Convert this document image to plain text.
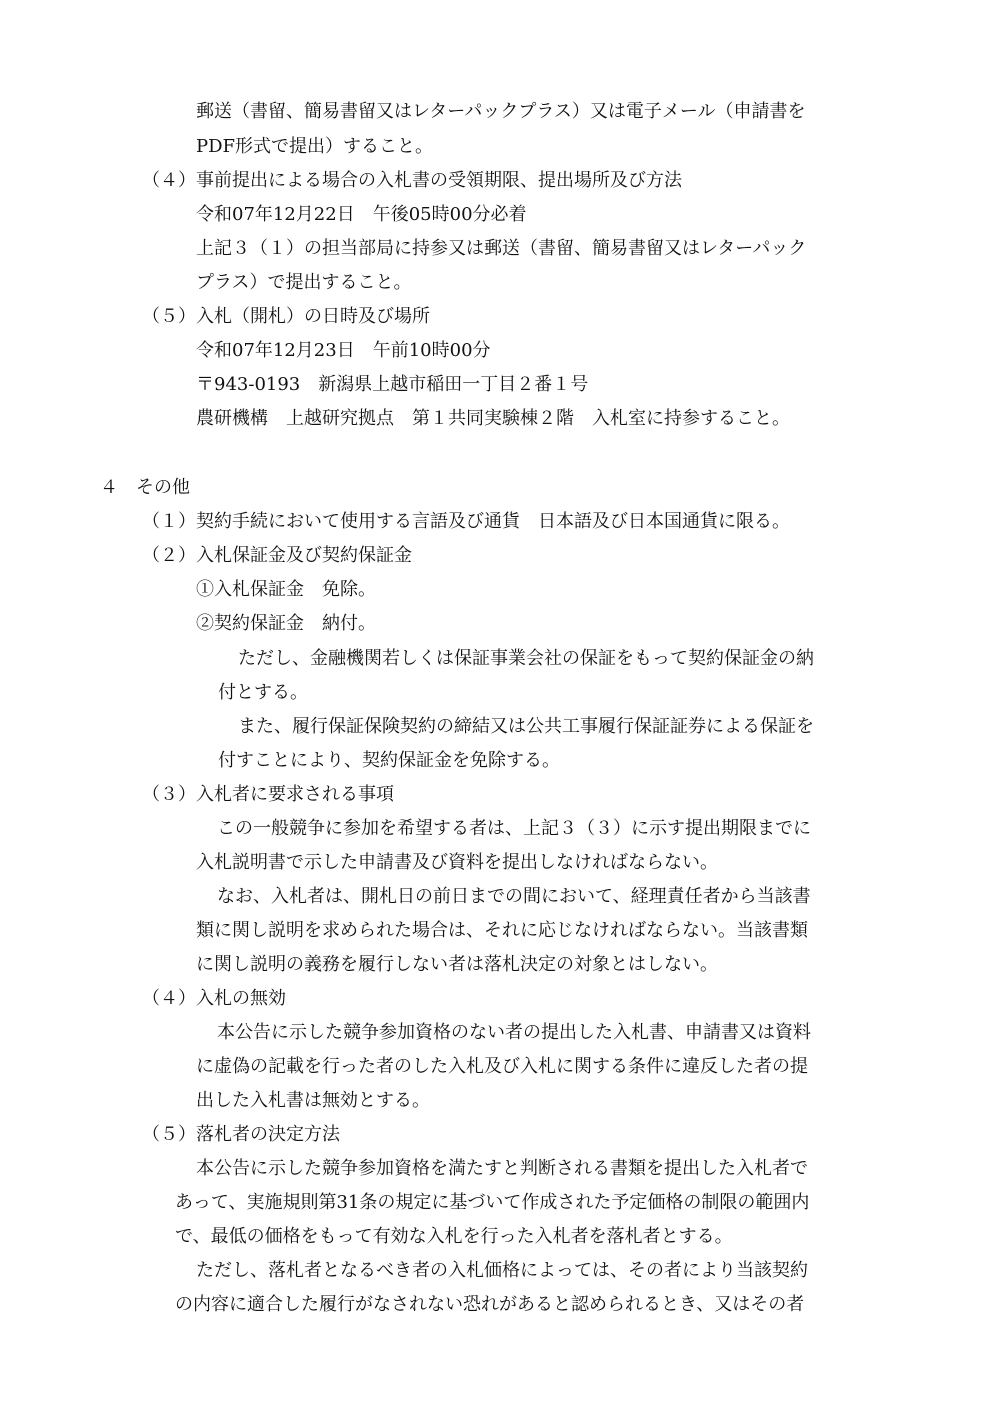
郵送（書留、簡易書留又はレターパックプラス）又は電子メール（申請書を
PDF形式で提出）すること。
（４）事前提出による場合の入札書の受領期限、提出場所及び方法
令和07年12月22日　午後05時00分必着
上記３（１）の担当部局に持参又は郵送（書留、簡易書留又はレターパック
プラス）で提出すること。
（５）入札（開札）の日時及び場所
令和07年12月23日　午前10時00分
〒943-0193　新潟県上越市稲田一丁目２番１号
農研機構　上越研究拠点　第１共同実験棟２階　入札室に持参すること。
４　その他
（１）契約手続において使用する言語及び通貨　日本語及び日本国通貨に限る。
（２）入札保証金及び契約保証金
①入札保証金　免除。
②契約保証金　納付。
ただし、金融機関若しくは保証事業会社の保証をもって契約保証金の納
付とする。
また、履行保証保険契約の締結又は公共工事履行保証証券による保証を
付すことにより、契約保証金を免除する。
（３）入札者に要求される事項
この一般競争に参加を希望する者は、上記３（３）に示す提出期限までに
入札説明書で示した申請書及び資料を提出しなければならない。
なお、入札者は、開札日の前日までの間において、経理責任者から当該書
類に関し説明を求められた場合は、それに応じなければならない。当該書類
に関し説明の義務を履行しない者は落札決定の対象とはしない。
（４）入札の無効
本公告に示した競争参加資格のない者の提出した入札書、申請書又は資料
に虚偽の記載を行った者のした入札及び入札に関する条件に違反した者の提
出した入札書は無効とする。
（５）落札者の決定方法
本公告に示した競争参加資格を満たすと判断される書類を提出した入札者で
あって、実施規則第31条の規定に基づいて作成された予定価格の制限の範囲内
で、最低の価格をもって有効な入札を行った入札者を落札者とする。
ただし、落札者となるべき者の入札価格によっては、その者により当該契約
の内容に適合した履行がなされない恐れがあると認められるとき、又はその者
